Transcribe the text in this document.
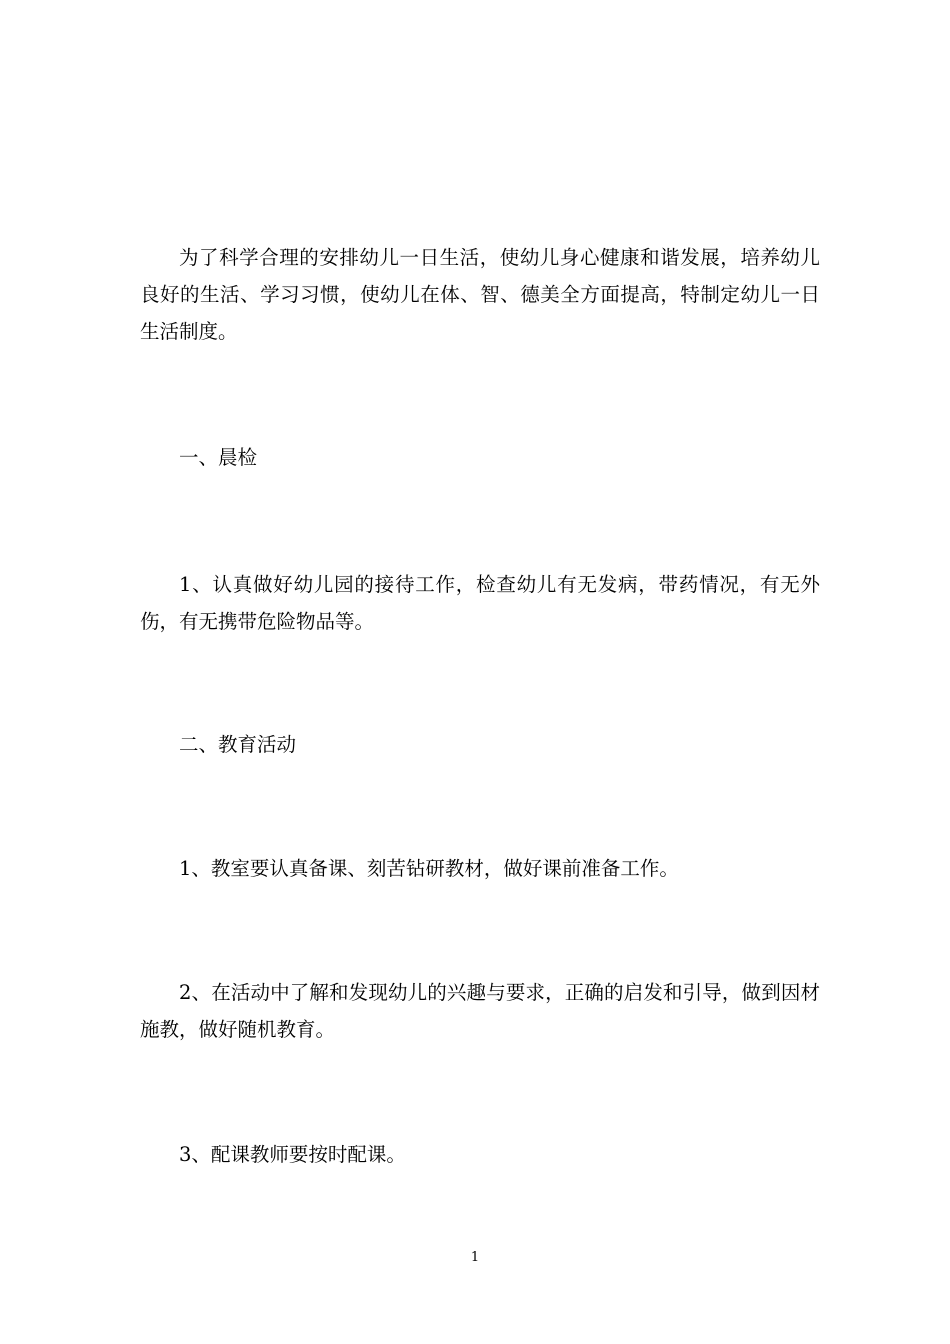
为了科学合理的安排幼儿一日生活，使幼儿身心健康和谐发展，培养幼儿良好的生活、学习习惯，使幼儿在体、智、德美全方面提高，特制定幼儿一日生活制度。

一、晨检

1、认真做好幼儿园的接待工作，检查幼儿有无发病，带药情况，有无外伤，有无携带危险物品等。

二、教育活动

1、教室要认真备课、刻苦钻研教材，做好课前准备工作。

2、在活动中了解和发现幼儿的兴趣与要求，正确的启发和引导，做到因材施教，做好随机教育。

3、配课教师要按时配课。

1
